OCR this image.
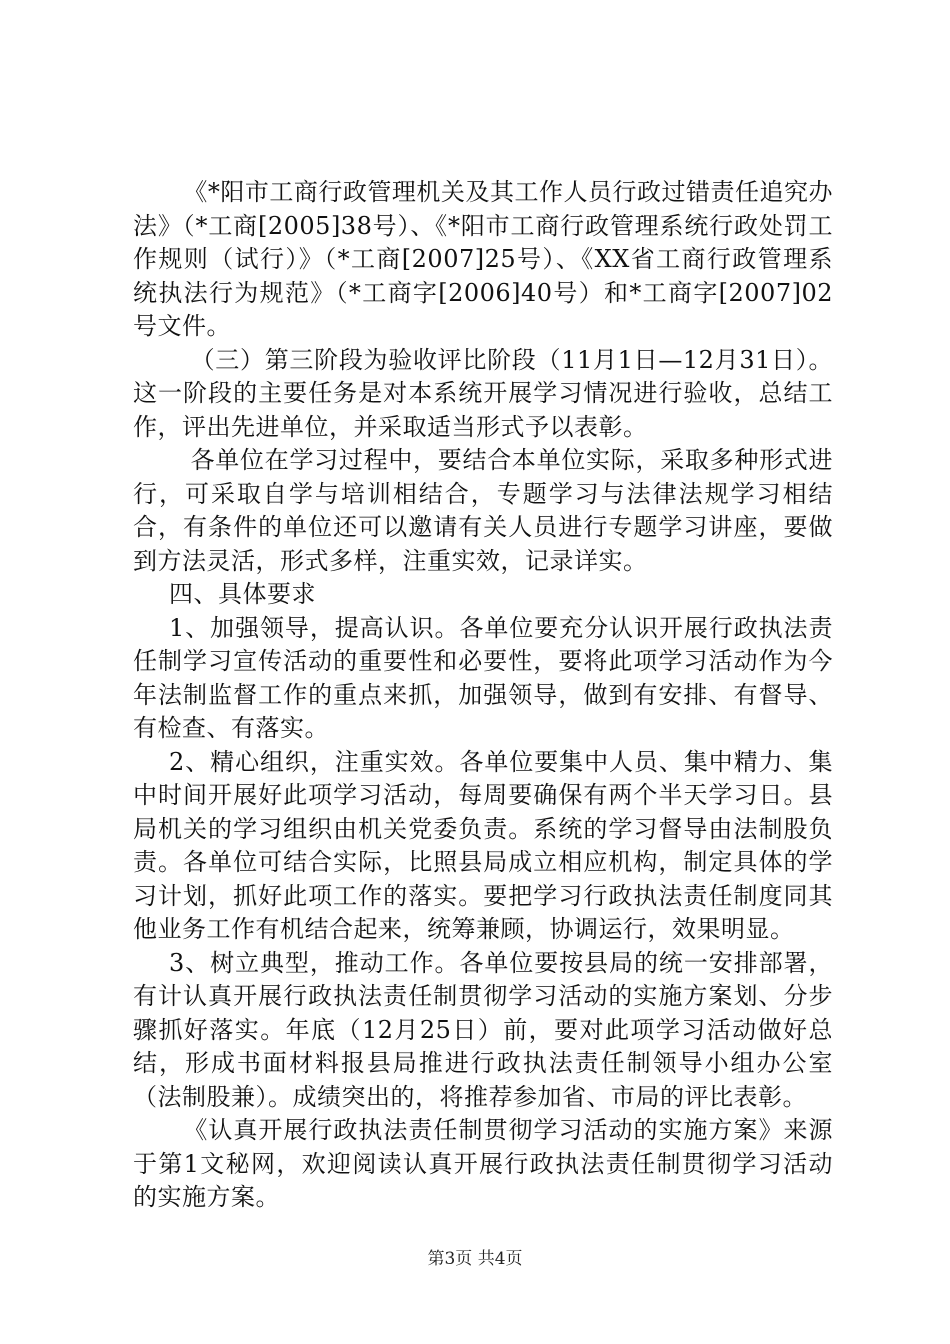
《*阳市工商行政管理机关及其工作人员行政过错责任追究办法》（*工商[2005]38号）、《*阳市工商行政管理系统行政处罚工作规则（试行）》（*工商[2007]25号）、《XX省工商行政管理系统执法行为规范》（*工商字[2006]40号）和*工商字[2007]02号文件。

（三）第三阶段为验收评比阶段（11月1日—12月31日）。这一阶段的主要任务是对本系统开展学习情况进行验收，总结工作，评出先进单位，并采取适当形式予以表彰。

各单位在学习过程中，要结合本单位实际，采取多种形式进行，可采取自学与培训相结合，专题学习与法律法规学习相结合，有条件的单位还可以邀请有关人员进行专题学习讲座，要做到方法灵活，形式多样，注重实效，记录详实。

四、具体要求

1、加强领导，提高认识。各单位要充分认识开展行政执法责任制学习宣传活动的重要性和必要性，要将此项学习活动作为今年法制监督工作的重点来抓，加强领导，做到有安排、有督导、有检查、有落实。

2、精心组织，注重实效。各单位要集中人员、集中精力、集中时间开展好此项学习活动，每周要确保有两个半天学习日。县局机关的学习组织由机关党委负责。系统的学习督导由法制股负责。各单位可结合实际，比照县局成立相应机构，制定具体的学习计划，抓好此项工作的落实。要把学习行政执法责任制度同其他业务工作有机结合起来，统筹兼顾，协调运行，效果明显。

3、树立典型，推动工作。各单位要按县局的统一安排部署，有计认真开展行政执法责任制贯彻学习活动的实施方案划、分步骤抓好落实。年底（12月25日）前，要对此项学习活动做好总结，形成书面材料报县局推进行政执法责任制领导小组办公室（法制股兼）。成绩突出的，将推荐参加省、市局的评比表彰。

《认真开展行政执法责任制贯彻学习活动的实施方案》来源于第1文秘网，欢迎阅读认真开展行政执法责任制贯彻学习活动的实施方案。

第3页 共4页
